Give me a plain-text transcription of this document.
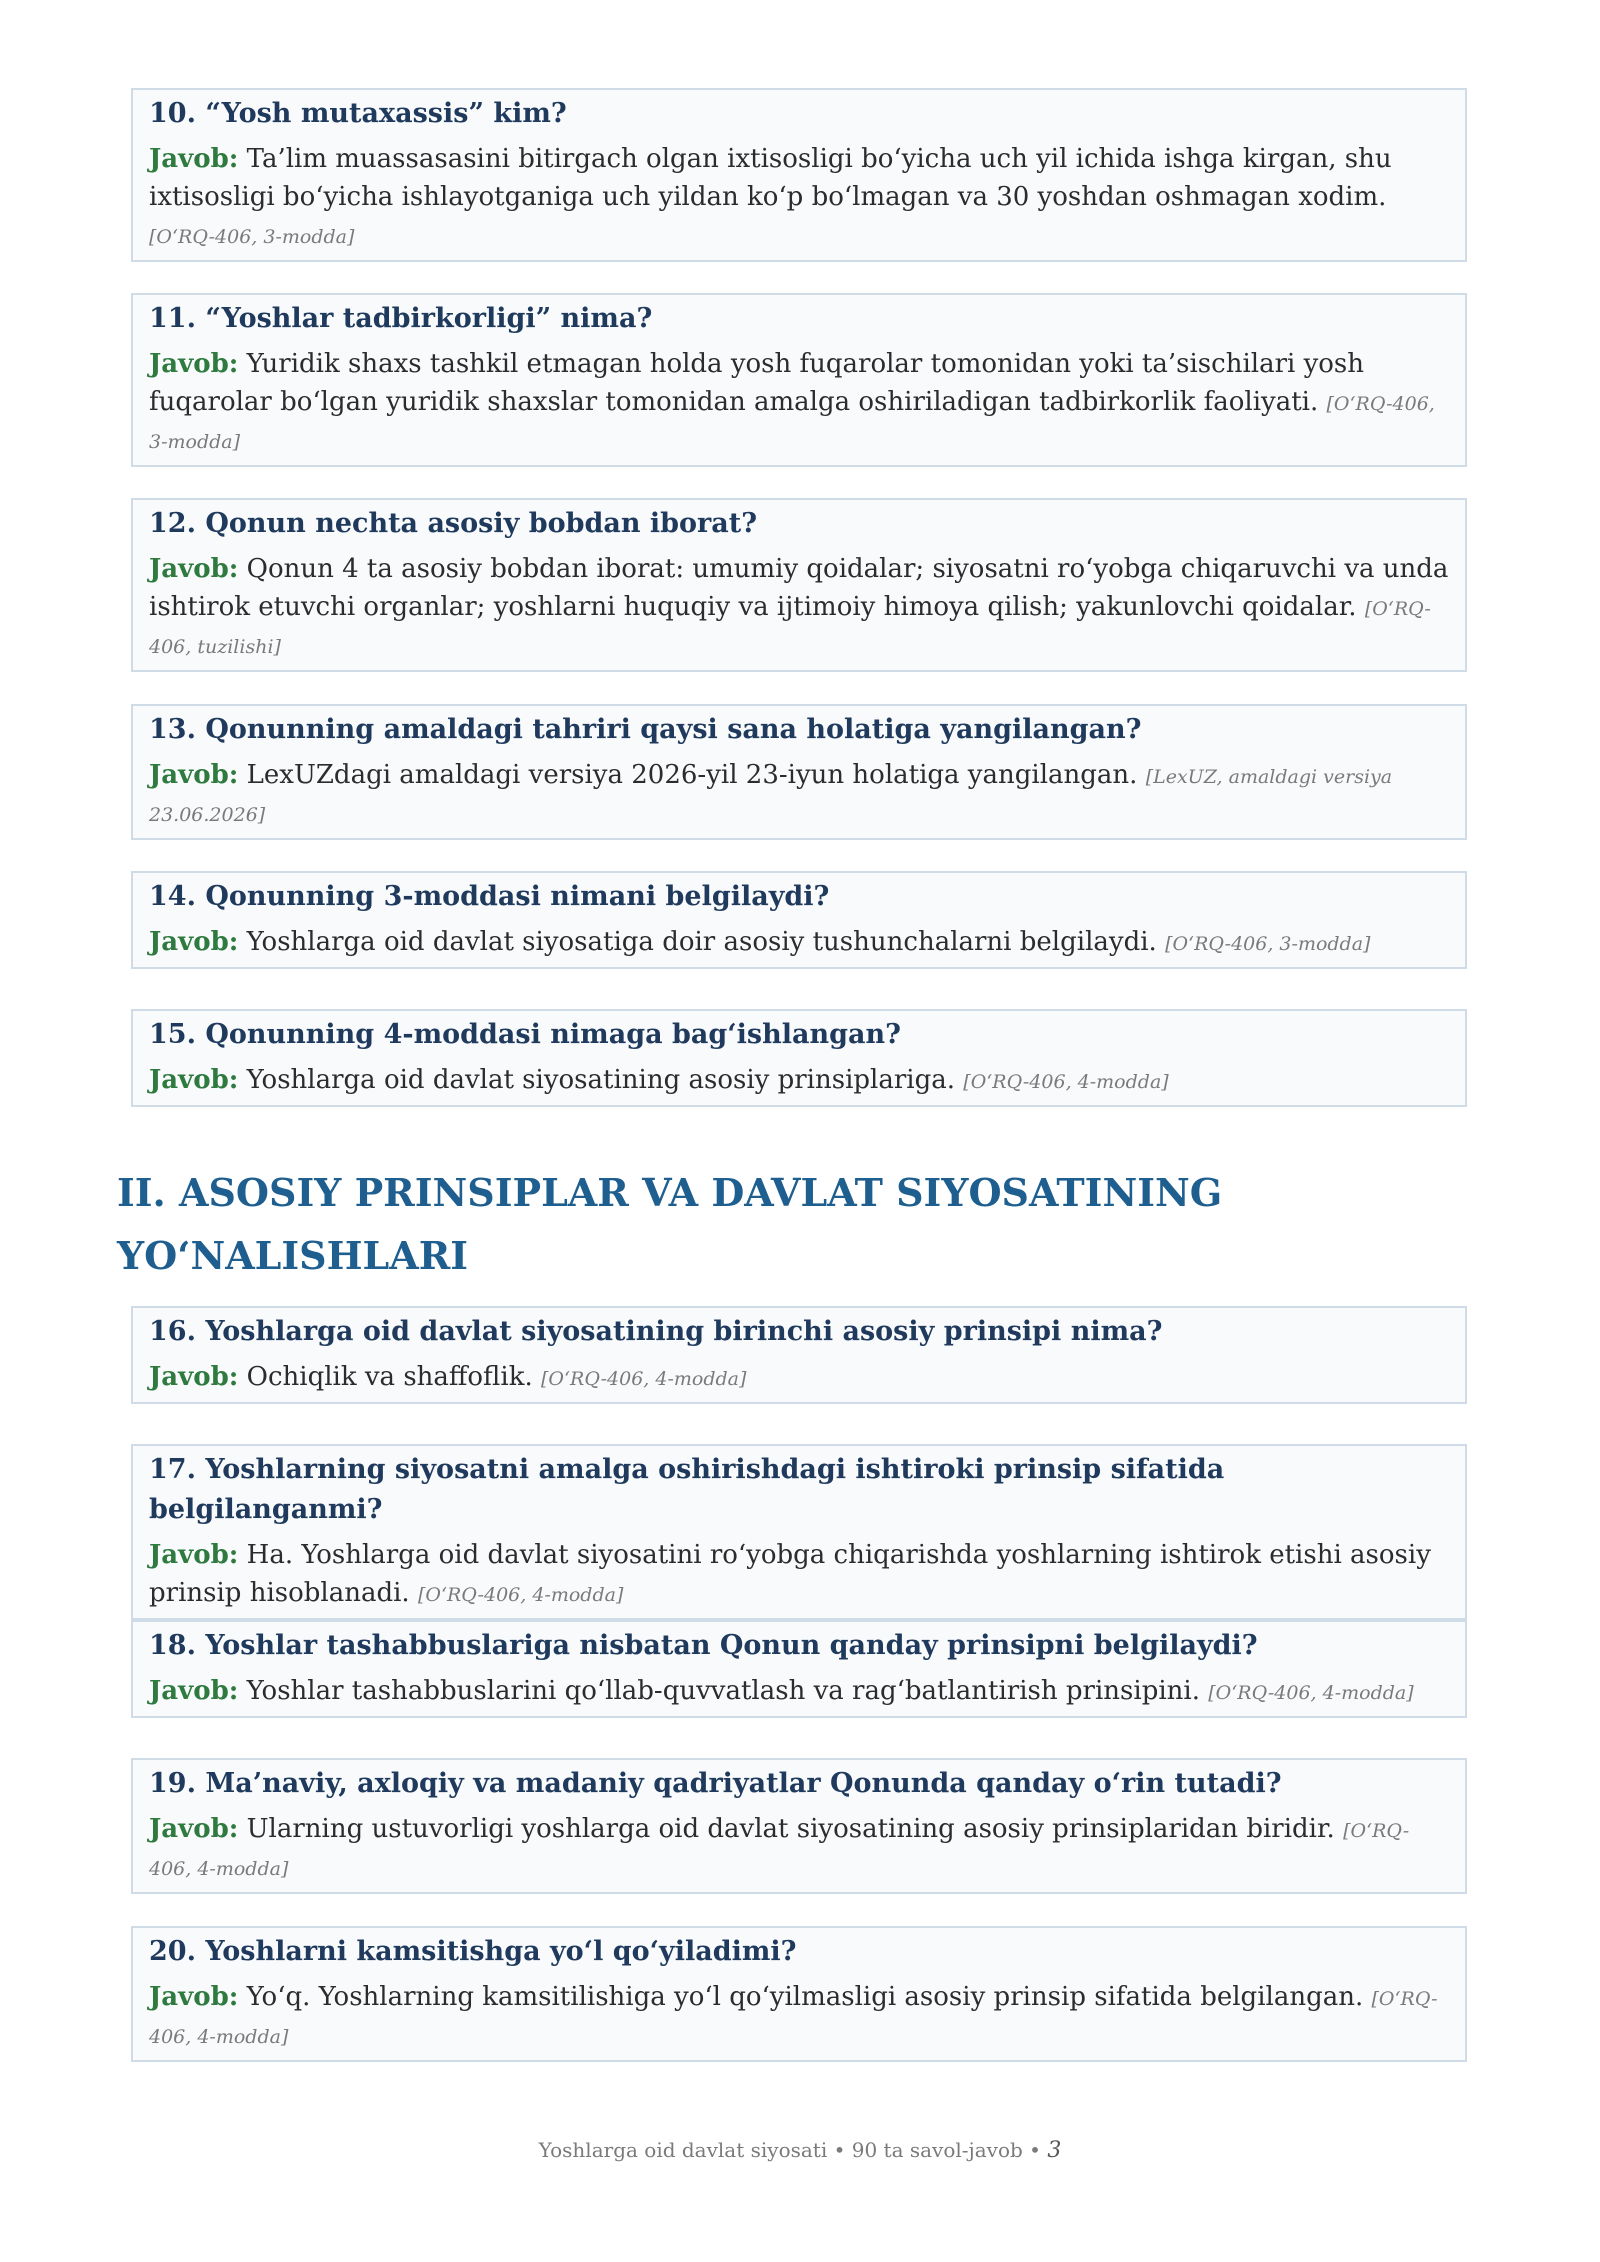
10. “Yosh mutaxassis” kim?
Javob: Ta’lim muassasasini bitirgach olgan ixtisosligi bo‘yicha uch yil ichida ishga kirgan, shu ixtisosligi bo‘yicha ishlayotganiga uch yildan ko‘p bo‘lmagan va 30 yoshdan oshmagan xodim. [O‘RQ-406, 3-modda]
11. “Yoshlar tadbirkorligi” nima?
Javob: Yuridik shaxs tashkil etmagan holda yosh fuqarolar tomonidan yoki ta’sischilari yosh fuqarolar bo‘lgan yuridik shaxslar tomonidan amalga oshiriladigan tadbirkorlik faoliyati. [O‘RQ-406, 3-modda]
12. Qonun nechta asosiy bobdan iborat?
Javob: Qonun 4 ta asosiy bobdan iborat: umumiy qoidalar; siyosatni ro‘yobga chiqaruvchi va unda ishtirok etuvchi organlar; yoshlarni huquqiy va ijtimoiy himoya qilish; yakunlovchi qoidalar. [O‘RQ-406, tuzilishi]
13. Qonunning amaldagi tahriri qaysi sana holatiga yangilangan?
Javob: LexUZdagi amaldagi versiya 2026-yil 23-iyun holatiga yangilangan. [LexUZ, amaldagi versiya 23.06.2026]
14. Qonunning 3-moddasi nimani belgilaydi?
Javob: Yoshlarga oid davlat siyosatiga doir asosiy tushunchalarni belgilaydi. [O‘RQ-406, 3-modda]
15. Qonunning 4-moddasi nimaga bag‘ishlangan?
Javob: Yoshlarga oid davlat siyosatining asosiy prinsiplariga. [O‘RQ-406, 4-modda]
II. ASOSIY PRINSIPLAR VA DAVLAT SIYOSATINING YO‘NALISHLARI
16. Yoshlarga oid davlat siyosatining birinchi asosiy prinsipi nima?
Javob: Ochiqlik va shaffoflik. [O‘RQ-406, 4-modda]
17. Yoshlarning siyosatni amalga oshirishdagi ishtiroki prinsip sifatida belgilanganmi?
Javob: Ha. Yoshlarga oid davlat siyosatini ro‘yobga chiqarishda yoshlarning ishtirok etishi asosiy prinsip hisoblanadi. [O‘RQ-406, 4-modda]
18. Yoshlar tashabbuslariga nisbatan Qonun qanday prinsipni belgilaydi?
Javob: Yoshlar tashabbuslarini qo‘llab-quvvatlash va rag‘batlantirish prinsipini. [O‘RQ-406, 4-modda]
19. Ma’naviy, axloqiy va madaniy qadriyatlar Qonunda qanday o‘rin tutadi?
Javob: Ularning ustuvorligi yoshlarga oid davlat siyosatining asosiy prinsiplaridan biridir. [O‘RQ-406, 4-modda]
20. Yoshlarni kamsitishga yo‘l qo‘yiladimi?
Javob: Yo‘q. Yoshlarning kamsitilishiga yo‘l qo‘yilmasligi asosiy prinsip sifatida belgilangan. [O‘RQ-406, 4-modda]
Yoshlarga oid davlat siyosati • 90 ta savol-javob • 3
